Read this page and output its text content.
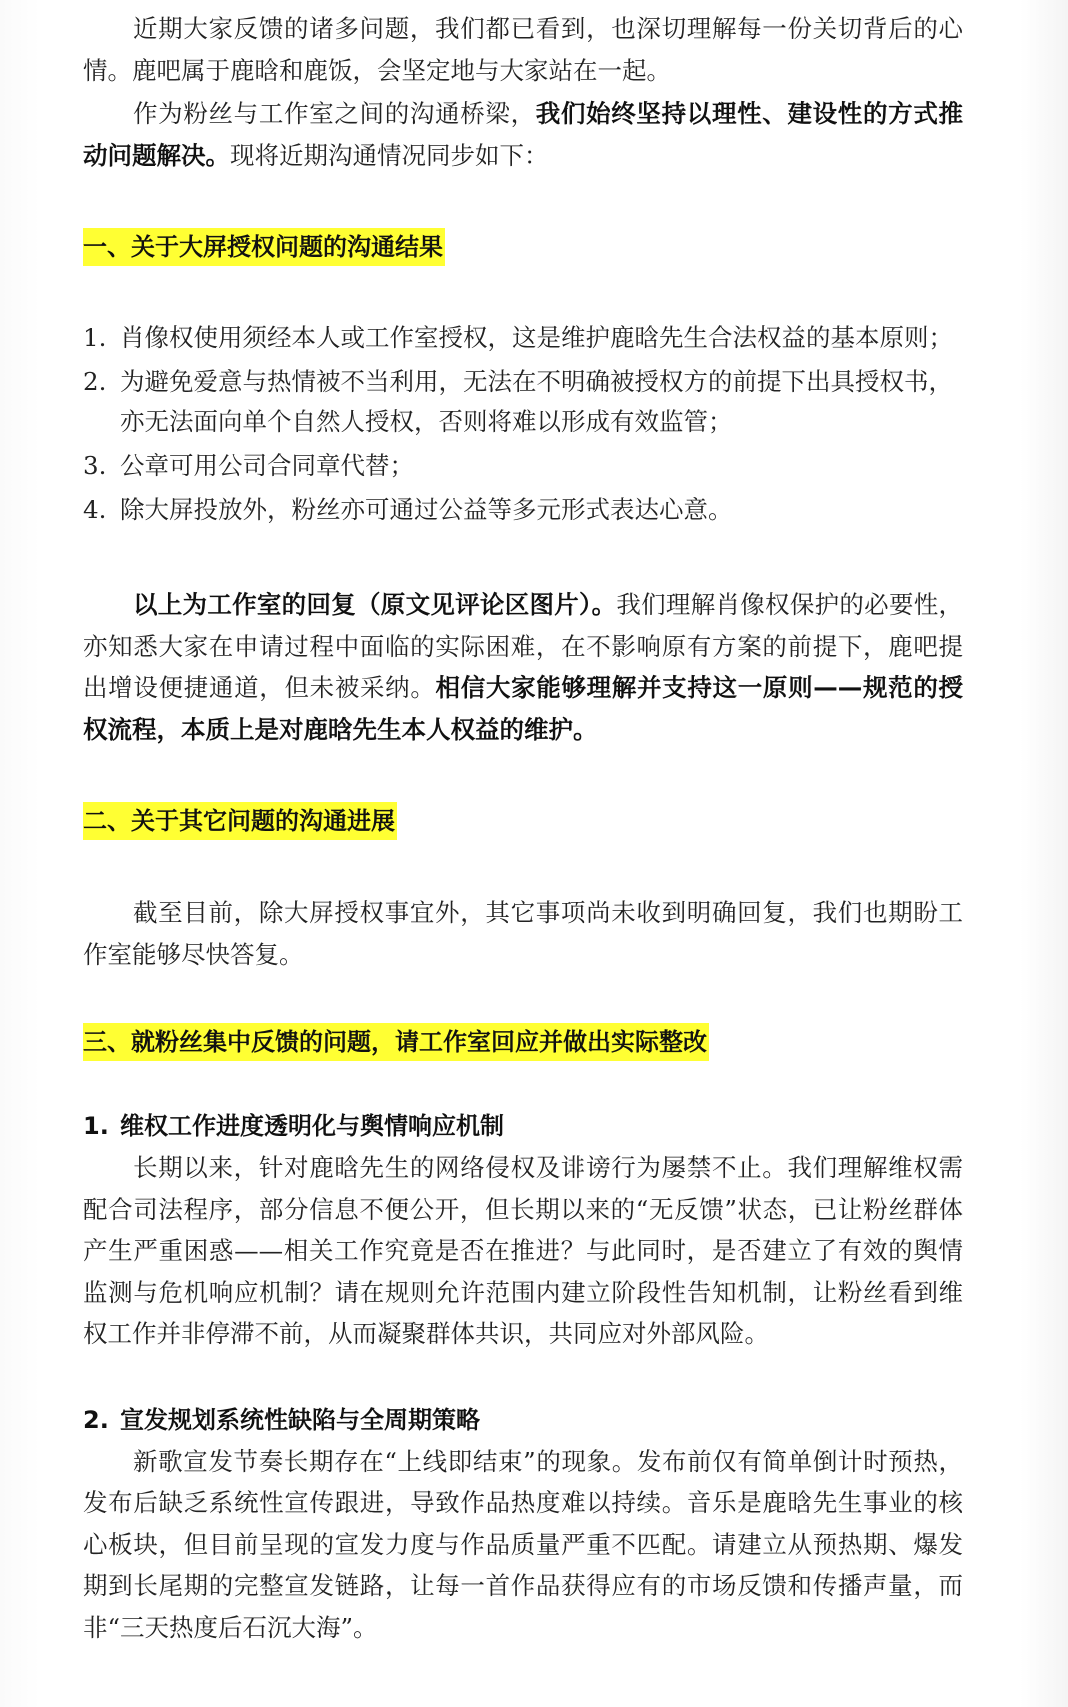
近期大家反馈的诸多问题，我们都已看到，也深切理解每一份关切背后的心情。鹿吧属于鹿晗和鹿饭，会坚定地与大家站在一起。

作为粉丝与工作室之间的沟通桥梁，我们始终坚持以理性、建设性的方式推动问题解决。现将近期沟通情况同步如下：

一、关于大屏授权问题的沟通结果
1. 肖像权使用须经本人或工作室授权，这是维护鹿晗先生合法权益的基本原则；
2. 为避免爱意与热情被不当利用，无法在不明确被授权方的前提下出具授权书，亦无法面向单个自然人授权，否则将难以形成有效监管；
3. 公章可用公司合同章代替；
4. 除大屏投放外，粉丝亦可通过公益等多元形式表达心意。

以上为工作室的回复（原文见评论区图片）。我们理解肖像权保护的必要性，亦知悉大家在申请过程中面临的实际困难，在不影响原有方案的前提下，鹿吧提出增设便捷通道，但未被采纳。相信大家能够理解并支持这一原则——规范的授权流程，本质上是对鹿晗先生本人权益的维护。

二、关于其它问题的沟通进展

截至目前，除大屏授权事宜外，其它事项尚未收到明确回复，我们也期盼工作室能够尽快答复。

三、就粉丝集中反馈的问题，请工作室回应并做出实际整改
1. 维权工作进度透明化与舆情响应机制

长期以来，针对鹿晗先生的网络侵权及诽谤行为屡禁不止。我们理解维权需配合司法程序，部分信息不便公开，但长期以来的“无反馈”状态，已让粉丝群体产生严重困惑——相关工作究竟是否在推进？与此同时，是否建立了有效的舆情监测与危机响应机制？请在规则允许范围内建立阶段性告知机制，让粉丝看到维权工作并非停滞不前，从而凝聚群体共识，共同应对外部风险。

2. 宣发规划系统性缺陷与全周期策略

新歌宣发节奏长期存在“上线即结束”的现象。发布前仅有简单倒计时预热，发布后缺乏系统性宣传跟进，导致作品热度难以持续。音乐是鹿晗先生事业的核心板块，但目前呈现的宣发力度与作品质量严重不匹配。请建立从预热期、爆发期到长尾期的完整宣发链路，让每一首作品获得应有的市场反馈和传播声量，而非“三天热度后石沉大海”。
